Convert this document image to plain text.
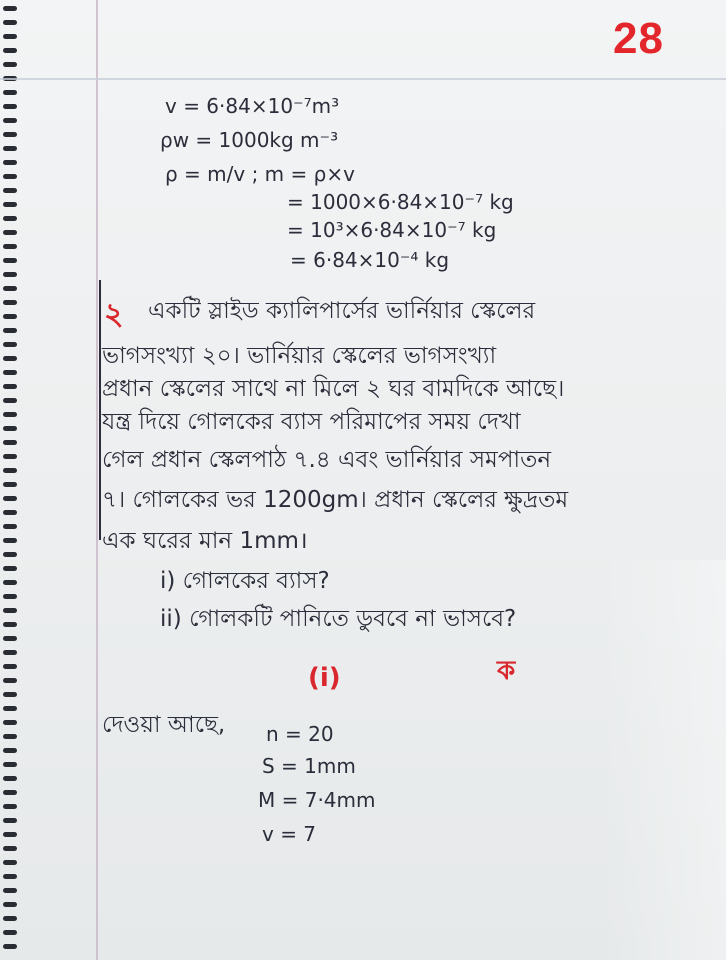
28
v = 6·84×10⁻⁷m³
ρw = 1000kg m⁻³
ρ = m/v ; m = ρ×v
= 1000×6·84×10⁻⁷ kg
= 10³×6·84×10⁻⁷ kg
= 6·84×10⁻⁴ kg
২ একটি স্লাইড ক্যালিপার্সের ভার্নিয়ার স্কেলের
ভাগসংখ্যা ২০। ভার্নিয়ার স্কেলের ভাগসংখ্যা
প্রধান স্কেলের সাথে না মিলে ২ ঘর বামদিকে আছে।
যন্ত্র দিয়ে গোলকের ব্যাস পরিমাপের সময় দেখা
গেল প্রধান স্কেলপাঠ ৭.৪ এবং ভার্নিয়ার সমপাতন
৭। গোলকের ভর 1200gm। প্রধান স্কেলের ক্ষুদ্রতম
এক ঘরের মান 1mm।
i) গোলকের ব্যাস?
ii) গোলকটি পানিতে ডুববে না ভাসবে?
(i)	ক
দেওয়া আছে, n = 20
S = 1mm
M = 7·4mm
v = 7
